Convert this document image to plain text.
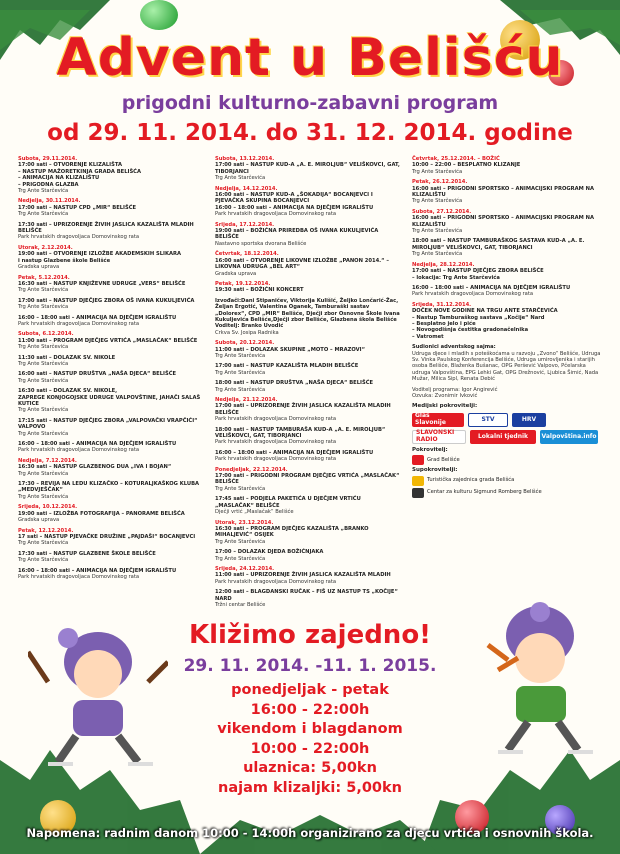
Advent u Belišću
prigodni kulturno-zabavni program
od 29. 11. 2014. do 31. 12. 2014. godine
Subota, 29.11.2014.
17:00 sati – OTVORENJE KLIZALIŠTA
– NASTUP MAŽORETKINJA GRADA BELIŠĆA
– ANIMACIJA NA KLIZALIŠTU
– PRIGODNA GLAZBA
Trg Ante Starčevića
Nedjelja, 30.11.2014.
17:00 sati – NASTUP CPD „MIR“ BELIŠĆE
Trg Ante Starčevića
17:30 sati – UPRIZORENJE ŽIVIH JASLICA KAZALIŠTA MLADIH BELIŠĆE
Park hrvatskih dragovoljaca Domovinskog rata
Utorak, 2.12.2014.
19:00 sati – OTVORENJE IZLOŽBE AKADEMSKIH SLIKARA
i nastup Glazbene škole Belišće
Gradska uprava
Petak, 5.12.2014.
16:30 sati – NASTUP KNJIŽEVNE UDRUGE „VERS“ BELIŠĆE
Trg Ante Starčevića
17:00 sati – NASTUP DJEČJEG ZBORA OŠ IVANA KUKULJEVIĆA
Trg Ante Starčevića
16:00 – 18:00 sati – ANIMACIJA NA DJEČJEM IGRALIŠTU
Park hrvatskih dragovoljaca Domovinskog rata
Subota, 6.12.2014.
11:00 sati – PROGRAM DJEČJEG VRTIĆA „MASLAČAK“ BELIŠĆE
Trg Ante Starčevića
11:30 sati – DOLAZAK SV. NIKOLE
Trg Ante Starčevića
16:00 sati – NASTUP DRUŠTVA „NAŠA DJECA“ BELIŠĆE
Trg Ante Starčevića
16:30 sati – DOLAZAK SV. NIKOLE,
ZAPREGE KONJOGOJSKE UDRUGE VALPOVŠTINE, JAHAČI SALAŠ KUTICE
Trg Ante Starčevića
17:15 sati – NASTUP DJEČJEG ZBORA „VALPOVAČKI VRAPČIĆI“ VALPOVO
Trg Ante Starčevića
16:00 – 18:00 sati – ANIMACIJA NA DJEČJEM IGRALIŠTU
Park hrvatskih dragovoljaca Domovinskog rata
Nedjelja, 7.12.2014.
16:30 sati – NASTUP GLAZBENOG DUA „IVA I BOJAN“
Trg Ante Starčevića
17:30 – REVIJA NA LEDU KLIZAČKO – KOTURALJKAŠKOG KLUBA „MEDVJEŠČAK“
Trg Ante Starčevića
Srijeda, 10.12.2014.
19:00 sati – IZLOŽBA FOTOGRAFIJA – PANORAME BELIŠĆA
Gradska uprava
Petak, 12.12.2014.
17 sati – NASTUP PJEVAČKE DRUŽINE „PAJDAŠI“ BOCANJEVCI
Trg Ante Starčevića
17:30 sati – NASTUP GLAZBENE ŠKOLE BELIŠĆE
Trg Ante Starčevića
16:00 – 18:00 sati – ANIMACIJA NA DJEČJEM IGRALIŠTU
Park hrvatskih dragovoljaca Domovinskog rata
Subota, 13.12.2014.
17:00 sati – NASTUP KUD-A „A. E. MIROLJUB“ VELIŠKOVCI, GAT, TIBORJANCI
Trg Ante Starčevića
Nedjelja, 14.12.2014.
16:00 sati – NASTUP KUD-A „ŠOKADIJA“ BOCANJEVCI I PJEVAČKA SKUPINA BOCANJEVCI
16:00 – 18:00 sati – ANIMACIJA NA DJEČJEM IGRALIŠTU
Park hrvatskih dragovoljaca Domovinskog rata
Srijeda, 17.12.2014.
19:00 sati – BOŽIĆNA PRIREDBA OŠ IVANA KUKULJEVIĆA BELIŠĆE
Nastavno sportska dvorana Belišće
Četvrtak, 18.12.2014.
16:00 sati – OTVORENJE LIKOVNE IZLOŽBE „PANON 2014.“ – LIKOVNA UDRUGA „BEL ART“
Gradska uprava
Petak, 19.12.2014.
19:30 sati – BOŽIĆNI KONCERT
Izvođači:Dani Stipaničev, Viktorija Kulišić, Željko Lončarić-Žac, Željan Ergotić, Valentina Oganek, Tamburaški sastav „Dolorex“, CPD „MIR“ Belišće, Dječji zbor Osnovne Škole Ivana Kukuljevića Belišće,Dječji zbor Belišće, Glazbena škola Belišće
Voditelj: Branko Uvodić
Crkva Sv. Josipa Radnika
Subota, 20.12.2014.
11:00 sati – DOLAZAK SKUPINE „MOTO – MRAZOVI“
Trg Ante Starčevića
17:00 sati – NASTUP KAZALIŠTA MLADIH BELIŠĆE
Trg Ante Starčevića
18:00 sati – NASTUP DRUŠTVA „NAŠA DJECA“ BELIŠĆE
Trg Ante Starčevića
Nedjelja, 21.12.2014.
17:00 sati – UPRIZORENJE ŽIVIH JASLICA KAZALIŠTA MLADIH BELIŠĆE
Park hrvatskih dragovoljaca Domovinskog rata
18:00 sati – NASTUP TAMBURAŠA KUD-A „A. E. MIROLJUB“ VELIŠKOVCI, GAT, TIBORJANCI
Park hrvatskih dragovoljaca Domovinskog rata
16:00 – 18:00 sati – ANIMACIJA NA DJEČJEM IGRALIŠTU
Park hrvatskih dragovoljaca Domovinskog rata
Ponedjeljak, 22.12.2014.
17:00 sati – PRIGODNI PROGRAM DJEČJEG VRTIĆA „MASLAČAK“ BELIŠĆE
Trg Ante Starčevića
17:45 sati – PODJELA PAKETIĆA U DJEČJEM VRTIĆU „MASLAČAK“ BELIŠĆE
Dječji vrtić „Maslačak“ Belišće
Utorak, 23.12.2014.
16:30 sati – PROGRAM DJEČJEG KAZALIŠTA „BRANKO MIHALJEVIĆ“ OSIJEK
Trg Ante Starčevića
17:00 – DOLAZAK DJEDA BOŽIĆNJAKA
Trg Ante Starčevića
Srijeda, 24.12.2014.
11:00 sati – UPRIZORENJE ŽIVIH JASLICA KAZALIŠTA MLADIH
Park hrvatskih dragovoljaca Domovinskog rata
12:00 sati – BLAGDANSKI RUČAK – FIŠ UZ NASTUP TS „KOČIJE“ NARD
Tržni centar Belišće
Četvrtak, 25.12.2014. – BOŽIĆ
10:00 – 22:00 – BESPLATNO KLIZANJE
Trg Ante Starčevića
Petak, 26.12.2014.
16:00 sati – PRIGODNI SPORTSKO – ANIMACIJSKI PROGRAM NA KLIZALIŠTU
Trg Ante Starčevića
Subota, 27.12.2014.
16:00 sati – PRIGODNI SPORTSKO – ANIMACIJSKI PROGRAM NA KLIZALIŠTU
Trg Ante Starčevića
18:00 sati – NASTUP TAMBURAŠKOG SASTAVA KUD-A „A. E. MIROLJUB“ VELIŠKOVCI, GAT, TIBORJANCI
Trg Ante Starčevića
Nedjelja, 28.12.2014.
17:00 sati – NASTUP DJEČJEG ZBORA BELIŠĆE
– lokacija: Trg Ante Starčevića
16:00 – 18:00 sati – ANIMACIJA NA DJEČJEM IGRALIŠTU
Park hrvatskih dragovoljaca Domovinskog rata
Srijeda, 31.12.2014.
DOČEK NOVE GODINE NA TRGU ANTE STARČEVIĆA
– Nastup Tamburaškog sastava „Kočije“ Nard
– Besplatno jelo i piće
– Novogodišnja čestitka gradonačelnika
– Vatromet
Sudionici adventskog sajma:
Udruga djece i mladih s poteškoćama u razvoju „Zvono“ Belišće, Udruga Sv. Vinka Paulskog Konferencija Belišće, Udruga umirovljenika i starijih osoba Belišće, Blaženka Bušanac, OPG Peršević Valpovo, Pčelarska udruga Valpovština, EPG Lehki Gat, OPG Drežnović, Ljubica Šimić, Nada Mužar, Milica Sipl, Renata Debić
Voditelj programa: Igor Angirević
Ozvuka: Zvonimir Ivković
Medijski pokrovitelji:
Glas Slavonije	STV	HRV
SLAVONSKI RADIO	Lokalni tjednik	Valpovština.info
Pokrovitelj:
Grad Belišće
Supokrovitelji:
Turistička zajednica grada Belišća
Centar za kulturu Sigmund Romberg Belišće
Kližimo zajedno!
29. 11. 2014. -11. 1. 2015.
ponedjeljak - petak
16:00 - 22:00h
vikendom i blagdanom
10:00 - 22:00h
ulaznica: 5,00kn
najam klizaljki: 5,00kn
Napomena: radnim danom 10:00 - 14:00h organizirano za djecu vrtića i osnovnih škola.
